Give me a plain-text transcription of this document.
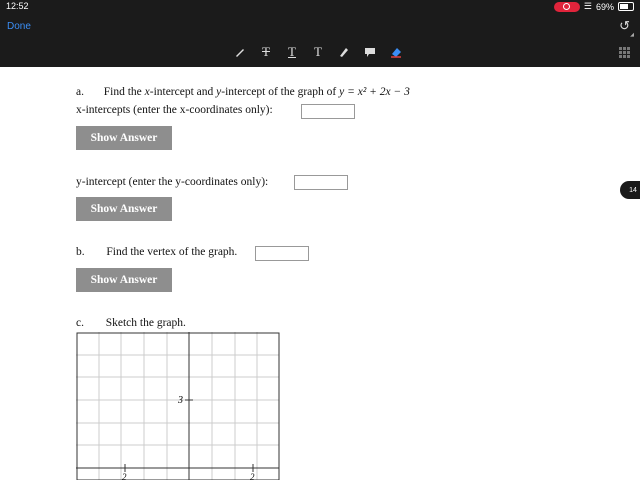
12:52	☰ 69%
Done	↺
◢
T	T	T
a. Find the x-intercept and y-intercept of the graph of y = x² + 2x − 3
x-intercepts (enter the x-coordinates only):
Show Answer
y-intercept (enter the y-coordinates only):
Show Answer
b. Find the vertex of the graph.
Show Answer
c. Sketch the graph.
3
2	2
14
